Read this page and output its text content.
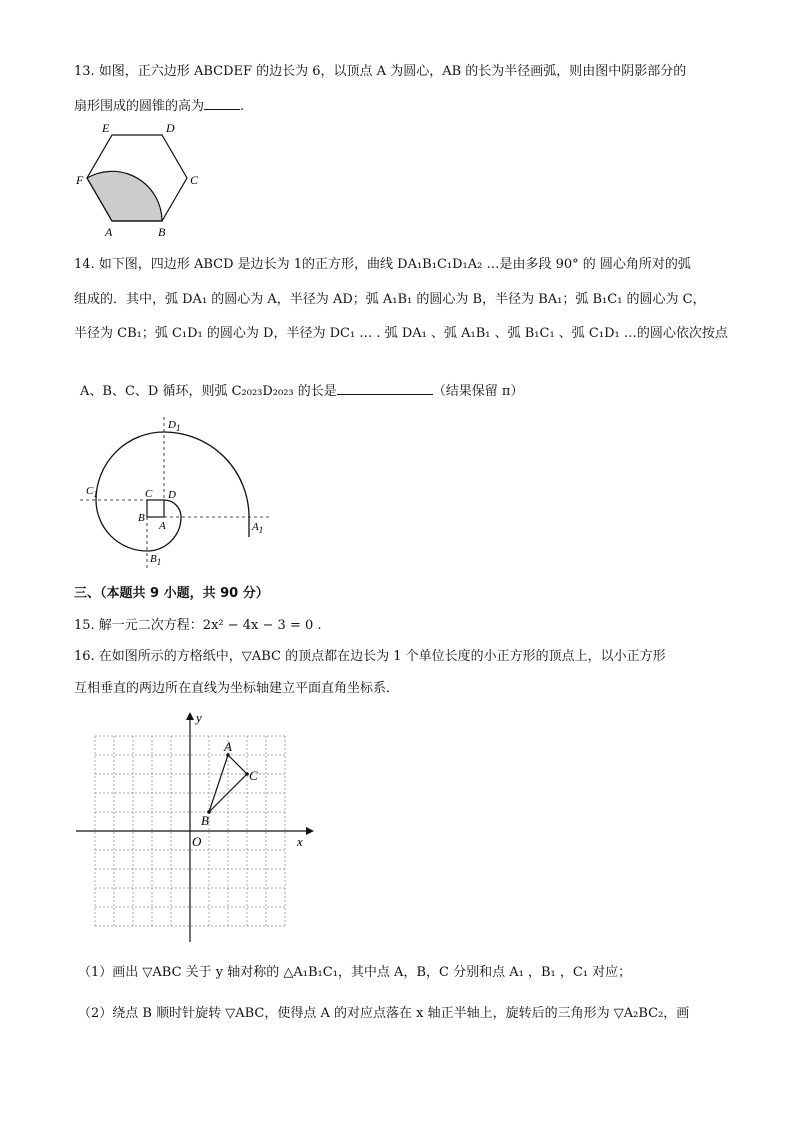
13. 如图，正六边形 ABCDEF 的边长为 6，以顶点 A 为圆心，AB 的长为半径画弧，则由图中阴影部分的
扇形围成的圆锥的高为	.
E	D
F	C
A	B
14. 如下图，四边形 ABCD 是边长为 1的正方形，曲线 DA₁B₁C₁D₁A₂ …是由多段 90° 的 圆心角所对的弧
组成的．其中，弧 DA₁ 的圆心为 A，半径为 AD；弧 A₁B₁ 的圆心为 B，半径为 BA₁；弧 B₁C₁ 的圆心为 C，
半径为 CB₁；弧 C₁D₁ 的圆心为 D，半径为 DC₁ … . 弧 DA₁ 、弧 A₁B₁ 、弧 B₁C₁ 、弧 C₁D₁ …的圆心依次按点
A、B、C、D 循环，则弧 C₂₀₂₃D₂₀₂₃ 的长是	（结果保留 π）
$D_1$
$C_1$	C D
B
A	$A_1$
$B_1$
三、（本题共 9 小题，共 90 分）
15. 解一元二次方程：2x² − 4x − 3 = 0 .
16. 在如图所示的方格纸中，▽ABC 的顶点都在边长为 1 个单位长度的小正方形的顶点上，以小正方形
互相垂直的两边所在直线为坐标轴建立平面直角坐标系．
y
x
O
A
C
B
（1）画出 ▽ABC 关于 y 轴对称的 △A₁B₁C₁，其中点 A，B，C 分别和点 A₁ ，B₁ ，C₁ 对应；
（2）绕点 B 顺时针旋转 ▽ABC，使得点 A 的对应点落在 x 轴正半轴上，旋转后的三角形为 ▽A₂BC₂，画
